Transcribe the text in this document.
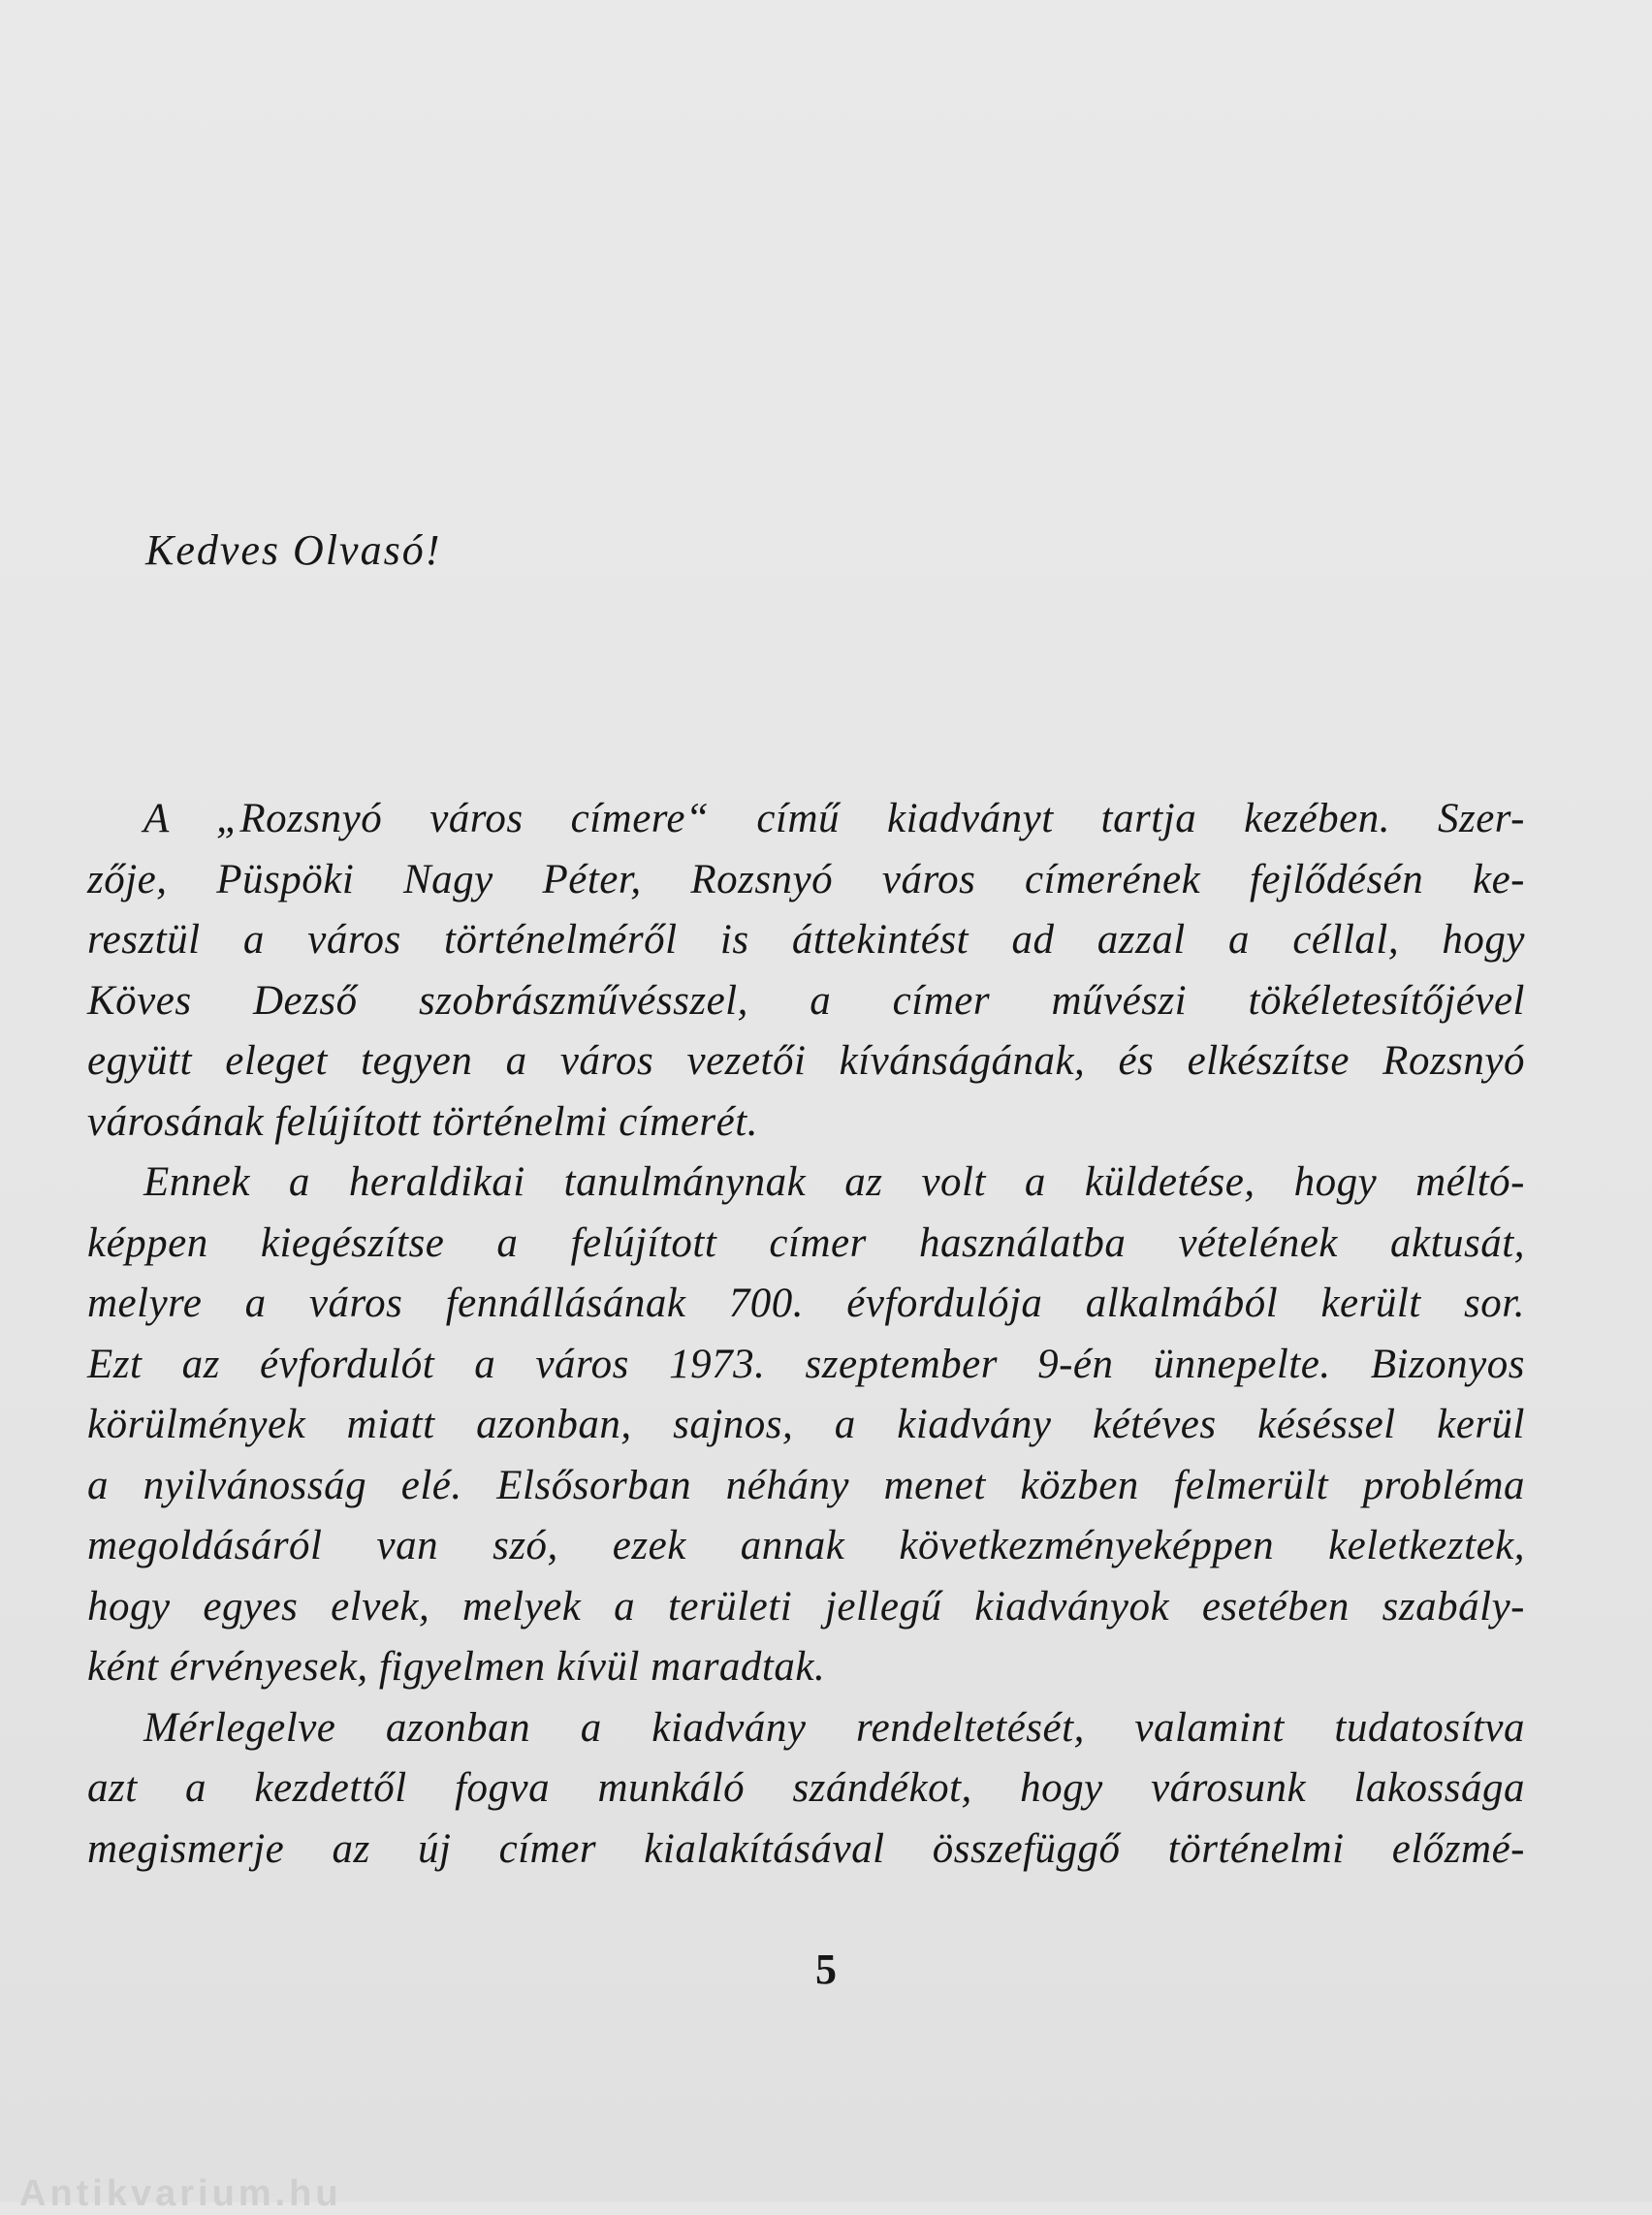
Kedves Olvasó!
A „Rozsnyó város címere“ című kiadványt tartja kezében. Szer-
zője, Püspöki Nagy Péter, Rozsnyó város címerének fejlődésén ke-
resztül a város történelméről is áttekintést ad azzal a céllal, hogy
Köves Dezső szobrászművésszel, a címer művészi tökéletesítőjével
együtt eleget tegyen a város vezetői kívánságának, és elkészítse Rozsnyó
városának felújított történelmi címerét.
Ennek a heraldikai tanulmánynak az volt a küldetése, hogy méltó-
képpen kiegészítse a felújított címer használatba vételének aktusát,
melyre a város fennállásának 700. évfordulója alkalmából került sor.
Ezt az évfordulót a város 1973. szeptember 9-én ünnepelte. Bizonyos
körülmények miatt azonban, sajnos, a kiadvány kétéves késéssel kerül
a nyilvánosság elé. Elsősorban néhány menet közben felmerült probléma
megoldásáról van szó, ezek annak következményeképpen keletkeztek,
hogy egyes elvek, melyek a területi jellegű kiadványok esetében szabály-
ként érvényesek, figyelmen kívül maradtak.
Mérlegelve azonban a kiadvány rendeltetését, valamint tudatosítva
azt a kezdettől fogva munkáló szándékot, hogy városunk lakossága
megismerje az új címer kialakításával összefüggő történelmi előzmé-
5
Antikvarium.hu
